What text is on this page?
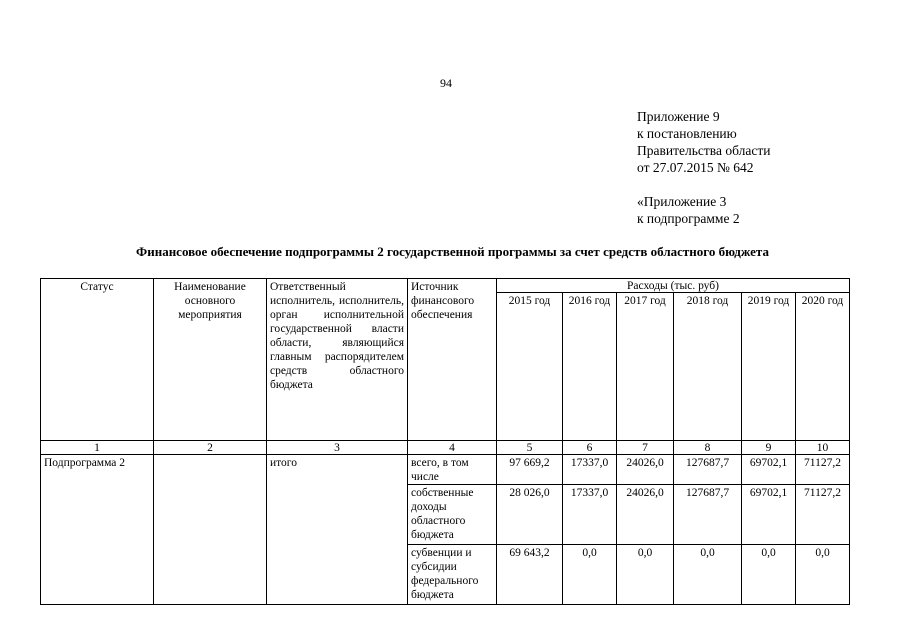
94
Приложение 9
к постановлению
Правительства области
от 27.07.2015 № 642
«Приложение 3
к подпрограмме 2
Финансовое обеспечение подпрограммы 2 государственной программы за счет средств областного бюджета
Статус	Наименование основного мероприятия	Ответственный исполнитель, исполнитель, орган исполнительной государственной власти области, являющийся главным распорядителем средств областного бюджета	Источник финансового обеспечения	Расходы (тыс. руб)					
				2015 год	2016 год	2017 год	2018 год	2019 год	2020 год
1	2	3	4	5	6	7	8	9	10
Подпрограмма 2		итого	всего, в том числе	97 669,2	17337,0	24026,0	127687,7	69702,1	71127,2
			собственные доходы областного бюджета	28 026,0	17337,0	24026,0	127687,7	69702,1	71127,2
			субвенции и субсидии федерального бюджета	69 643,2	0,0	0,0	0,0	0,0	0,0
